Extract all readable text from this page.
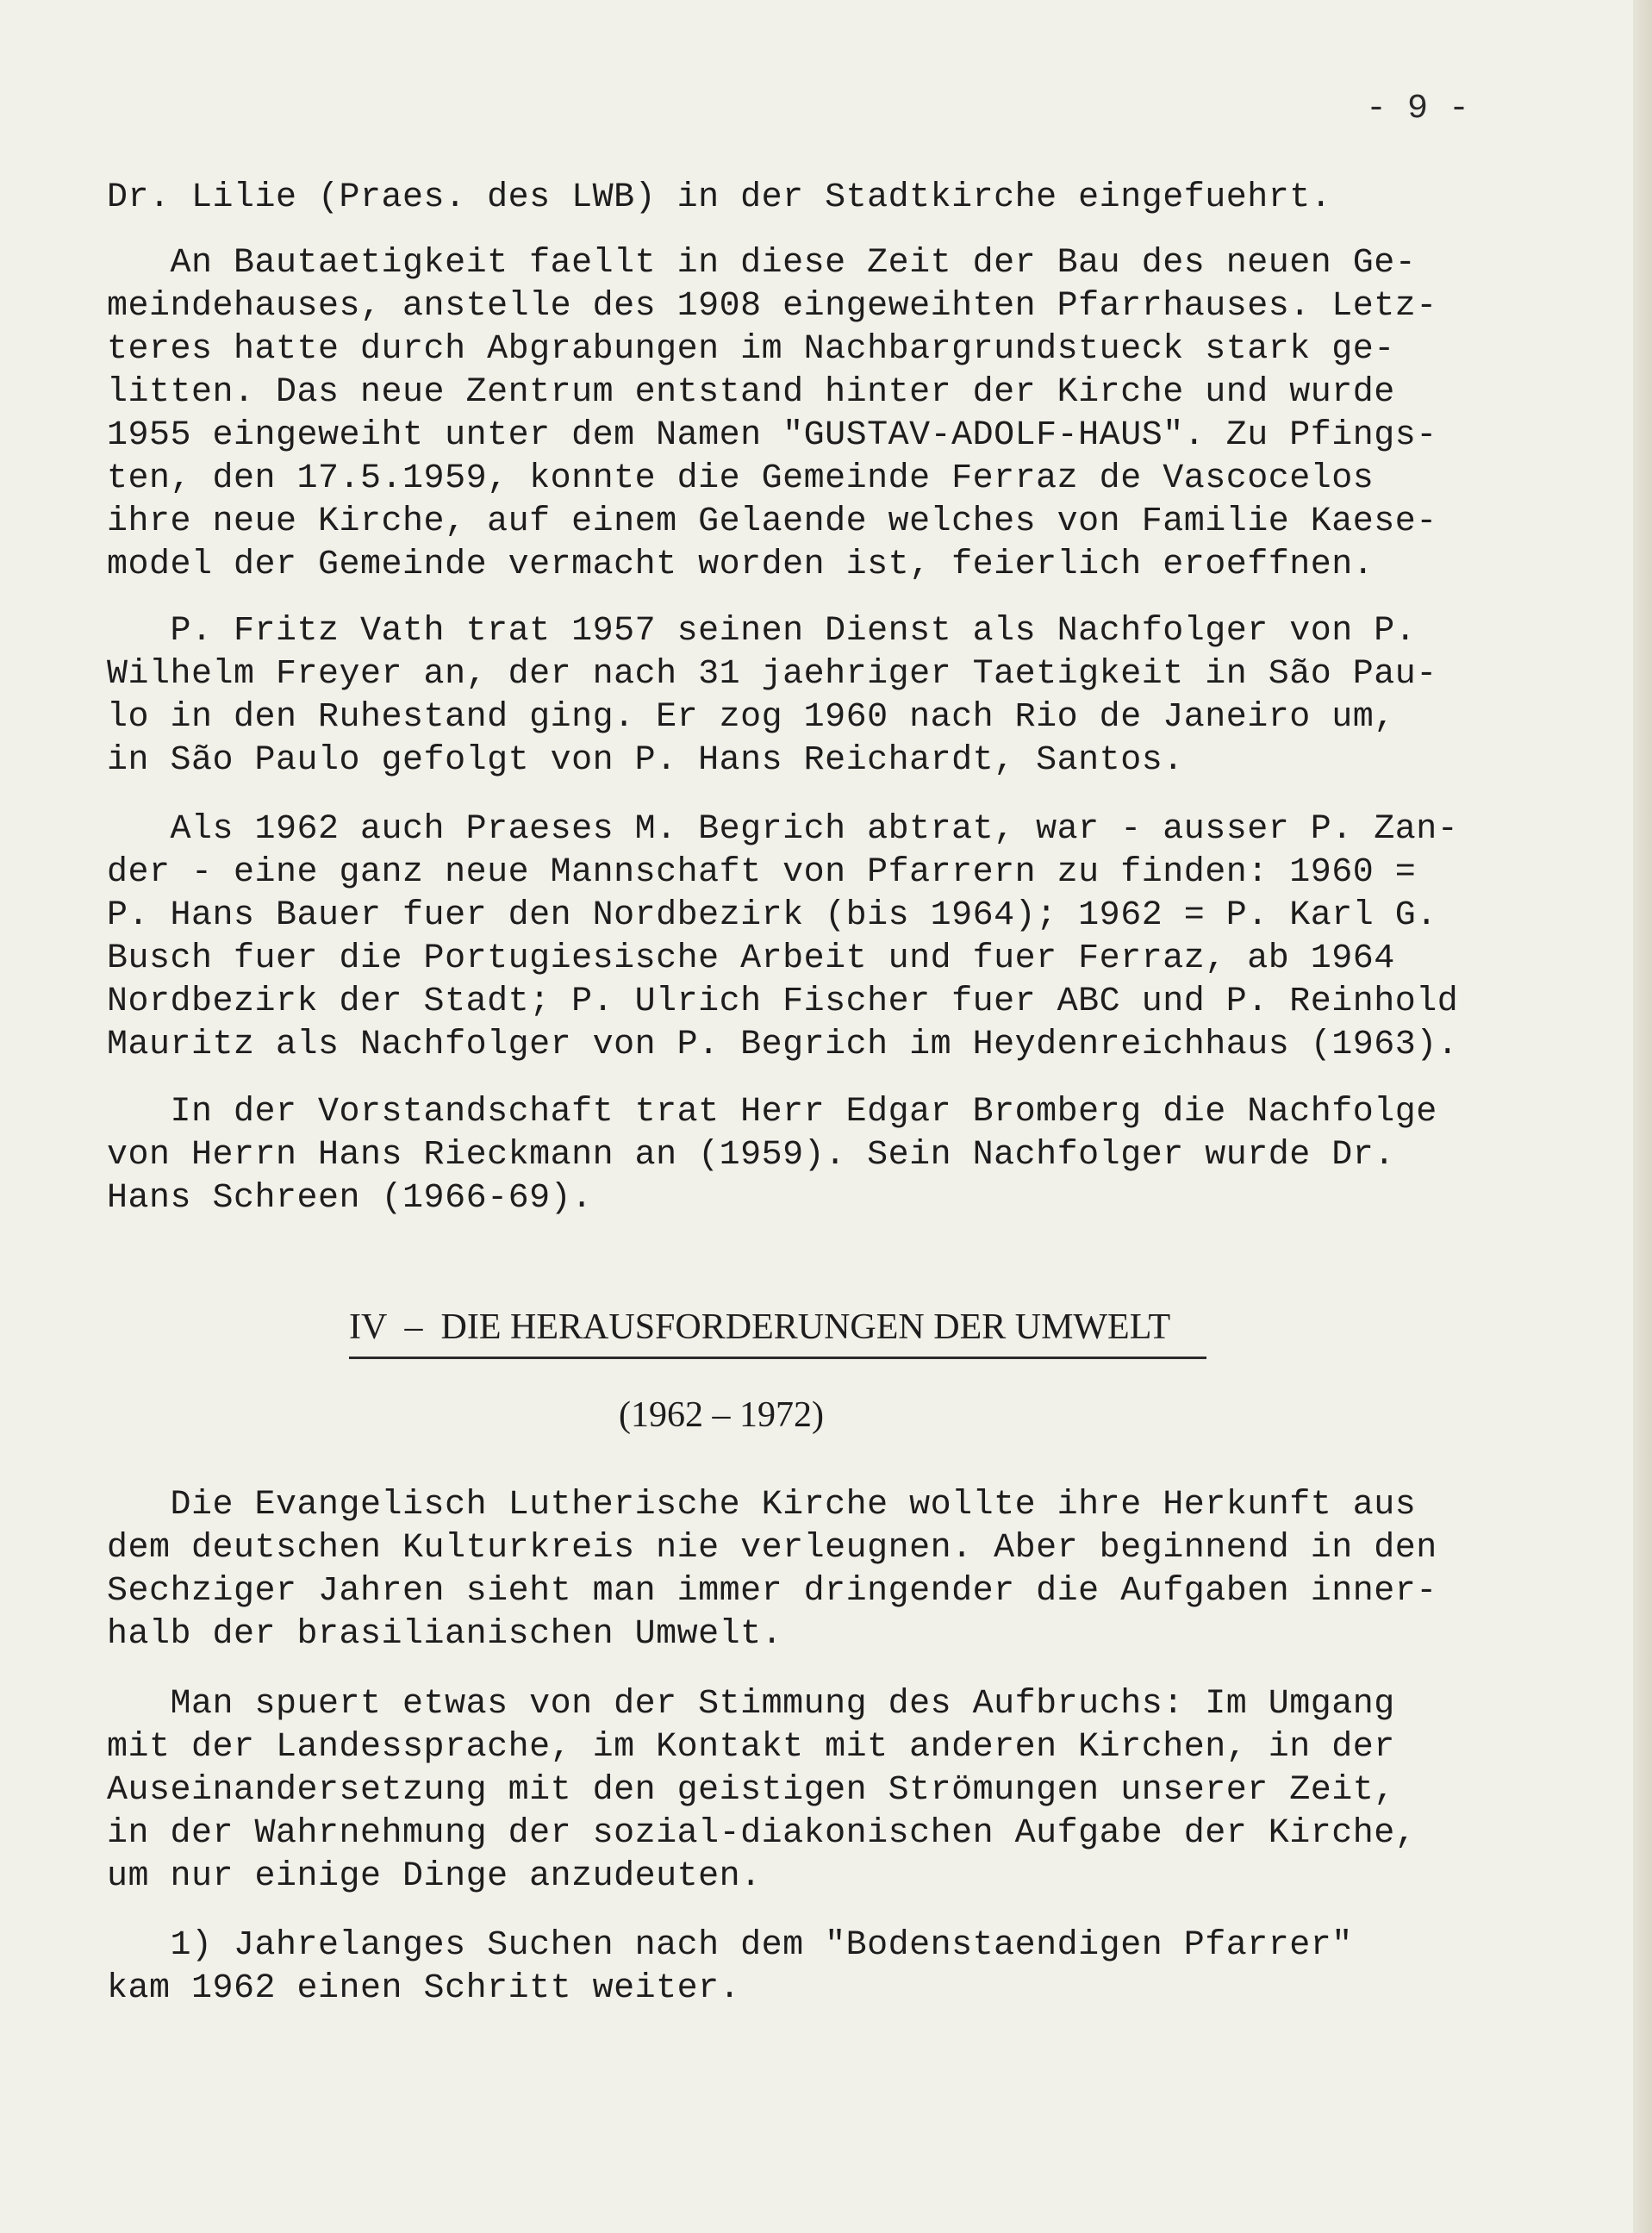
- 9 -

Dr. Lilie (Praes. des LWB) in der Stadtkirche eingefuehrt.

An Bautaetigkeit faellt in diese Zeit der Bau des neuen Ge-
meindehauses, anstelle des 1908 eingeweihten Pfarrhauses. Letz-
teres hatte durch Abgrabungen im Nachbargrundstueck stark ge-
litten. Das neue Zentrum entstand hinter der Kirche und wurde
1955 eingeweiht unter dem Namen "GUSTAV-ADOLF-HAUS". Zu Pfings-
ten, den 17.5.1959, konnte die Gemeinde Ferraz de Vascocelos
ihre neue Kirche, auf einem Gelaende welches von Familie Kaese-
model der Gemeinde vermacht worden ist, feierlich eroeffnen.

P. Fritz Vath trat 1957 seinen Dienst als Nachfolger von P.
Wilhelm Freyer an, der nach 31 jaehriger Taetigkeit in São Pau-
lo in den Ruhestand ging. Er zog 1960 nach Rio de Janeiro um,
in São Paulo gefolgt von P. Hans Reichardt, Santos.

Als 1962 auch Praeses M. Begrich abtrat, war - ausser P. Zan-
der - eine ganz neue Mannschaft von Pfarrern zu finden: 1960 =
P. Hans Bauer fuer den Nordbezirk (bis 1964); 1962 = P. Karl G.
Busch fuer die Portugiesische Arbeit und fuer Ferraz, ab 1964
Nordbezirk der Stadt; P. Ulrich Fischer fuer ABC und P. Reinhold
Mauritz als Nachfolger von P. Begrich im Heydenreichhaus (1963).

In der Vorstandschaft trat Herr Edgar Bromberg die Nachfolge
von Herrn Hans Rieckmann an (1959). Sein Nachfolger wurde Dr.
Hans Schreen (1966-69).

IV  –  DIE HERAUSFORDERUNGEN DER UMWELT
(1962 – 1972)

Die Evangelisch Lutherische Kirche wollte ihre Herkunft aus
dem deutschen Kulturkreis nie verleugnen. Aber beginnend in den
Sechziger Jahren sieht man immer dringender die Aufgaben inner-
halb der brasilianischen Umwelt.

Man spuert etwas von der Stimmung des Aufbruchs: Im Umgang
mit der Landessprache, im Kontakt mit anderen Kirchen, in der
Auseinandersetzung mit den geistigen Strömungen unserer Zeit,
in der Wahrnehmung der sozial-diakonischen Aufgabe der Kirche,
um nur einige Dinge anzudeuten.

1) Jahrelanges Suchen nach dem "Bodenstaendigen Pfarrer"
kam 1962 einen Schritt weiter.
